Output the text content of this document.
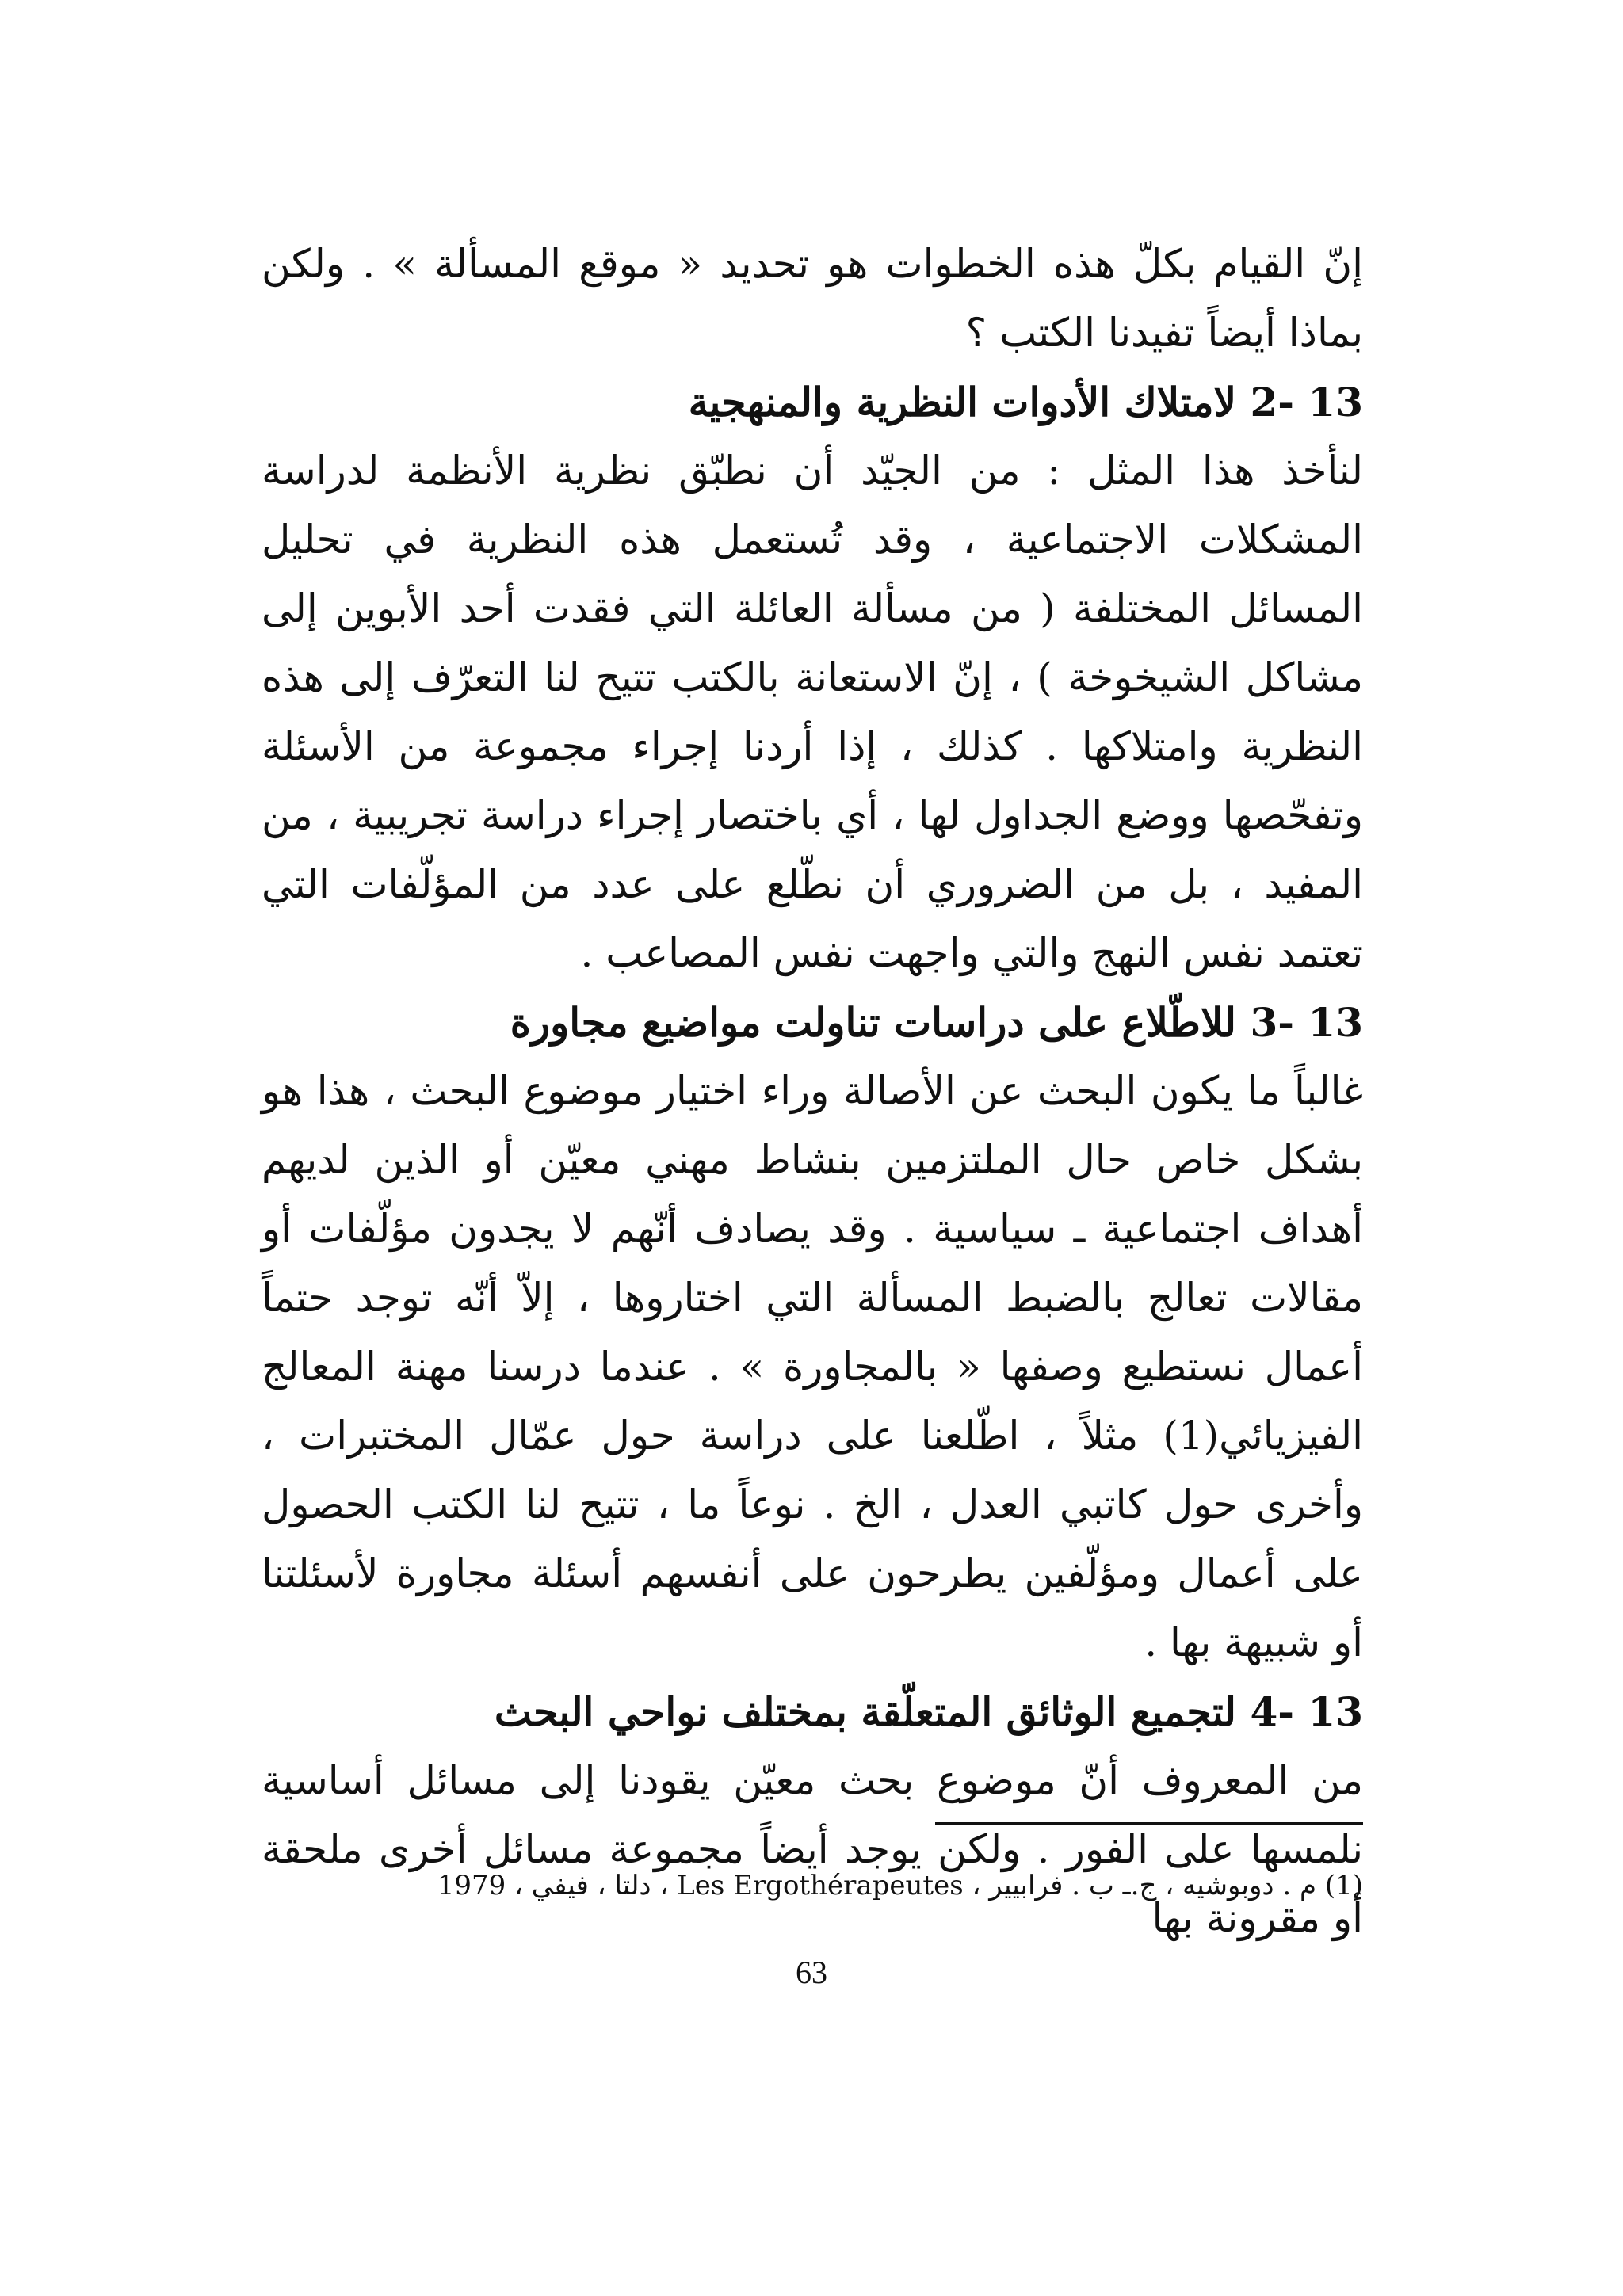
إنّ القيام بكلّ هذه الخطوات هو تحديد « موقع المسألة » . ولكن بماذا أيضاً تفيدنا الكتب ؟

13 -2 لامتلاك الأدوات النظرية والمنهجية

لنأخذ هذا المثل : من الجيّد أن نطبّق نظرية الأنظمة لدراسة المشكلات الاجتماعية ، وقد تُستعمل هذه النظرية في تحليل المسائل المختلفة ( من مسألة العائلة التي فقدت أحد الأبوين إلى مشاكل الشيخوخة ) ، إنّ الاستعانة بالكتب تتيح لنا التعرّف إلى هذه النظرية وامتلاكها . كذلك ، إذا أردنا إجراء مجموعة من الأسئلة وتفحّصها ووضع الجداول لها ، أي باختصار إجراء دراسة تجريبية ، من المفيد ، بل من الضروري أن نطّلع على عدد من المؤلّفات التي تعتمد نفس النهج والتي واجهت نفس المصاعب .

13 -3 للاطّلاع على دراسات تناولت مواضيع مجاورة

غالباً ما يكون البحث عن الأصالة وراء اختيار موضوع البحث ، هذا هو بشكل خاص حال الملتزمين بنشاط مهني معيّن أو الذين لديهم أهداف اجتماعية ـ سياسية . وقد يصادف أنّهم لا يجدون مؤلّفات أو مقالات تعالج بالضبط المسألة التي اختاروها ، إلاّ أنّه توجد حتماً أعمال نستطيع وصفها « بالمجاورة » . عندما درسنا مهنة المعالج الفيزيائي(1) مثلاً ، اطّلعنا على دراسة حول عمّال المختبرات ، وأخرى حول كاتبي العدل ، الخ . نوعاً ما ، تتيح لنا الكتب الحصول على أعمال ومؤلّفين يطرحون على أنفسهم أسئلة مجاورة لأسئلتنا أو شبيهة بها .

13 -4 لتجميع الوثائق المتعلّقة بمختلف نواحي البحث

من المعروف أنّ موضوع بحث معيّن يقودنا إلى مسائل أساسية نلمسها على الفور . ولكن يوجد أيضاً مجموعة مسائل أخرى ملحقة أو مقرونة بها

(1) م . دوبوشيه ، ج.ـ ب . فرابيير ، Les Ergothérapeutes ، دلتا ، فيفي ، 1979
63
